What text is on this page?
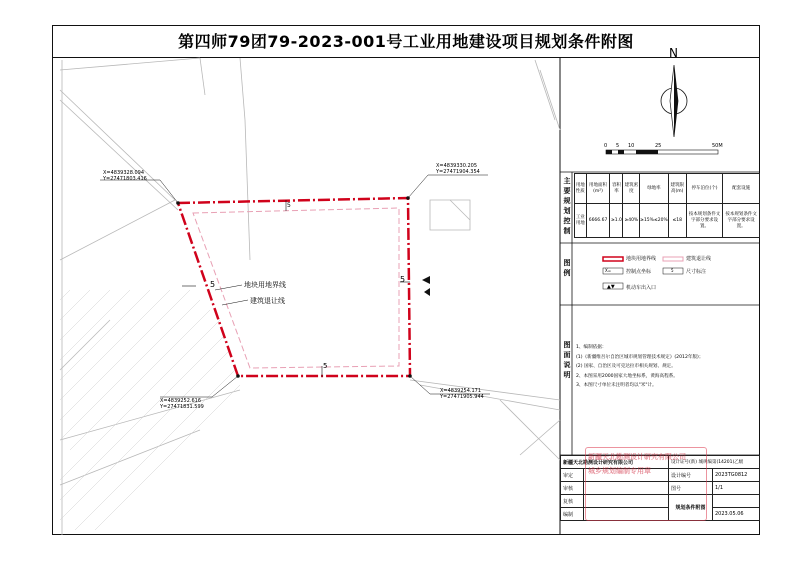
第四师79团79-2023-001号工业用地建设项目规划条件附图
X=4839328.094
Y=27471803.416
X=4839330.205
Y=27471904.354
X=4839252.616
Y=27471831.599
X=4839254.171
Y=27471905.944
5
5
5
5
地块用地界线
建筑退让线
N
0 5 10	25	50M
主要规划控制
用地性质	用地面积(m²)	容积率	建筑密度	绿地率	建筑限高(m)	停车泊位(个)	配套设施
工业用地	6666.67	≥1.0	≥40%	≥15%≤20%	≤18	按本规划条件文字部分要求设置。	按本规划条件文字部分要求设置。
图例
地块用地界线	建筑退让线
X=	控制点坐标	5 尺寸标注
▲▼ 机动车出入口
图面说明
1、编制依据：
(1)《新疆维吾尔自治区城市规划管理技术规定》(2012年版)；
(2) 国家、自治区及可克达拉市相关规划、规定。
2、本图采用2000国家大地坐标系，黄海高程系。
3、本图尺寸单位未注明者均以"米"计。
新疆天北勘测设计研究有限公司		设计证号(新) 城规编第(14201)乙级	
审定		设计编号	2023TG0812
审核		图号	1/1
复核		规划条件附图	
编制			2023.05.06
新疆天北勘测设计研究有限公司
城乡规划编制专用章
